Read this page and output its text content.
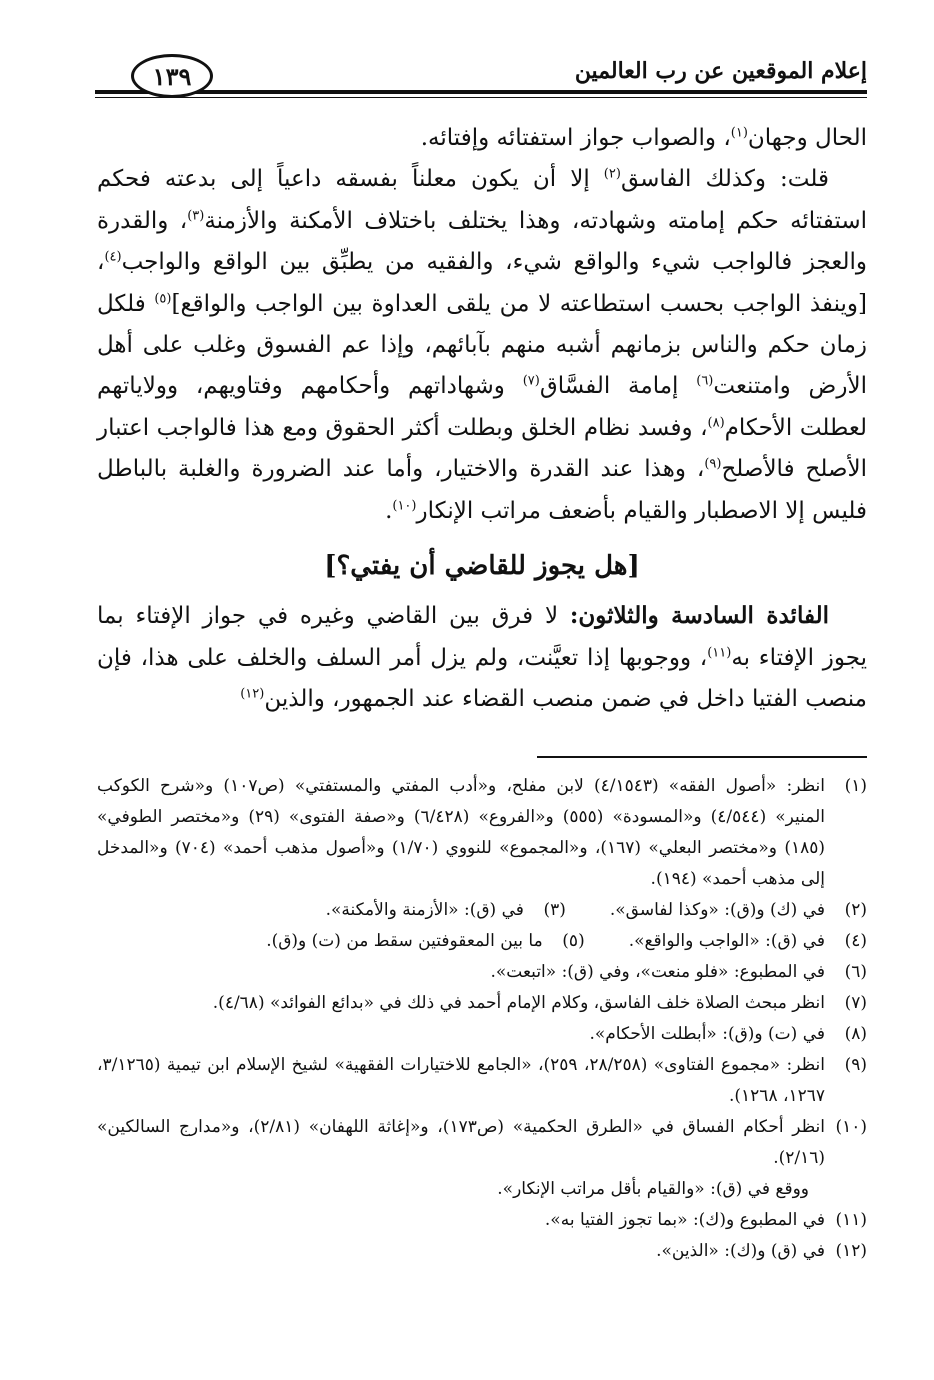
إعلام الموقعين عن رب العالمين
١٣٩

الحال وجهان$^{(١)}$، والصواب جواز استفتائه وإفتائه.

قلت: وكذلك الفاسق$^{(٢)}$ إلا أن يكون معلناً بفسقه داعياً إلى بدعته فحكم استفتائه حكم إمامته وشهادته، وهذا يختلف باختلاف الأمكنة والأزمنة$^{(٣)}$، والقدرة والعجز فالواجب شيء والواقع شيء، والفقيه من يطبِّق بين الواقع والواجب$^{(٤)}$، [وينفذ الواجب بحسب استطاعته لا من يلقى العداوة بين الواجب والواقع]$^{(٥)}$ فلكل زمان حكم والناس بزمانهم أشبه منهم بآبائهم، وإذا عم الفسوق وغلب على أهل الأرض وامتنعت$^{(٦)}$ إمامة الفسَّاق$^{(٧)}$ وشهاداتهم وأحكامهم وفتاويهم، وولاياتهم لعطلت الأحكام$^{(٨)}$، وفسد نظام الخلق وبطلت أكثر الحقوق ومع هذا فالواجب اعتبار الأصلح فالأصلح$^{(٩)}$، وهذا عند القدرة والاختيار، وأما عند الضرورة والغلبة بالباطل فليس إلا الاصطبار والقيام بأضعف مراتب الإنكار$^{(١٠)}$.

[هل يجوز للقاضي أن يفتي؟]

الفائدة السادسة والثلاثون: لا فرق بين القاضي وغيره في جواز الإفتاء بما يجوز الإفتاء به$^{(١١)}$، ووجوبها إذا تعيَّنت، ولم يزل أمر السلف والخلف على هذا، فإن منصب الفتيا داخل في ضمن منصب القضاء عند الجمهور، والذين$^{(١٢)}$

(١)
انظر: «أصول الفقه» (٤/١٥٤٣) لابن مفلح، و«أدب المفتي والمستفتي» (ص١٠٧) و«شرح الكوكب المنير» (٤/٥٤٤) و«المسودة» (٥٥٥) و«الفروع» (٦/٤٢٨) و«صفة الفتوى» (٢٩) و«مختصر الطوفي» (١٨٥) و«مختصر البعلي» (١٦٧)، و«المجموع» للنووي (١/٧٠) و«أصول مذهب أحمد» (٧٠٤) و«المدخل إلى مذهب أحمد» (١٩٤).
(٢)
في (ك) و(ق): «وكذا لفاسق».
(٣)
في (ق): «الأزمنة والأمكنة».
(٤)
في (ق): «الواجب والواقع».
(٥)
ما بين المعقوفتين سقط من (ت) و(ق).
(٦)
في المطبوع: «فلو منعت»، وفي (ق): «اتبعت».
(٧)
انظر مبحث الصلاة خلف الفاسق، وكلام الإمام أحمد في ذلك في «بدائع الفوائد» (٤/٦٨).
(٨)
في (ت) و(ق): «أبطلت الأحكام».
(٩)
انظر: «مجموع الفتاوى» (٢٨/٢٥٨، ٢٥٩)، «الجامع للاختيارات الفقهية» لشيخ الإسلام ابن تيمية (٣/١٢٦٥، ١٢٦٧، ١٢٦٨).
(١٠)
انظر أحكام الفساق في «الطرق الحكمية» (ص١٧٣)، و«إغاثة اللهفان» (٢/٨١)، و«مدارج السالكين» (٢/١٦).
ووقع في (ق): «والقيام بأقل مراتب الإنكار».
(١١)
في المطبوع و(ك): «بما تجوز الفتيا به».
(١٢)
في (ق) و(ك): «الذين».
